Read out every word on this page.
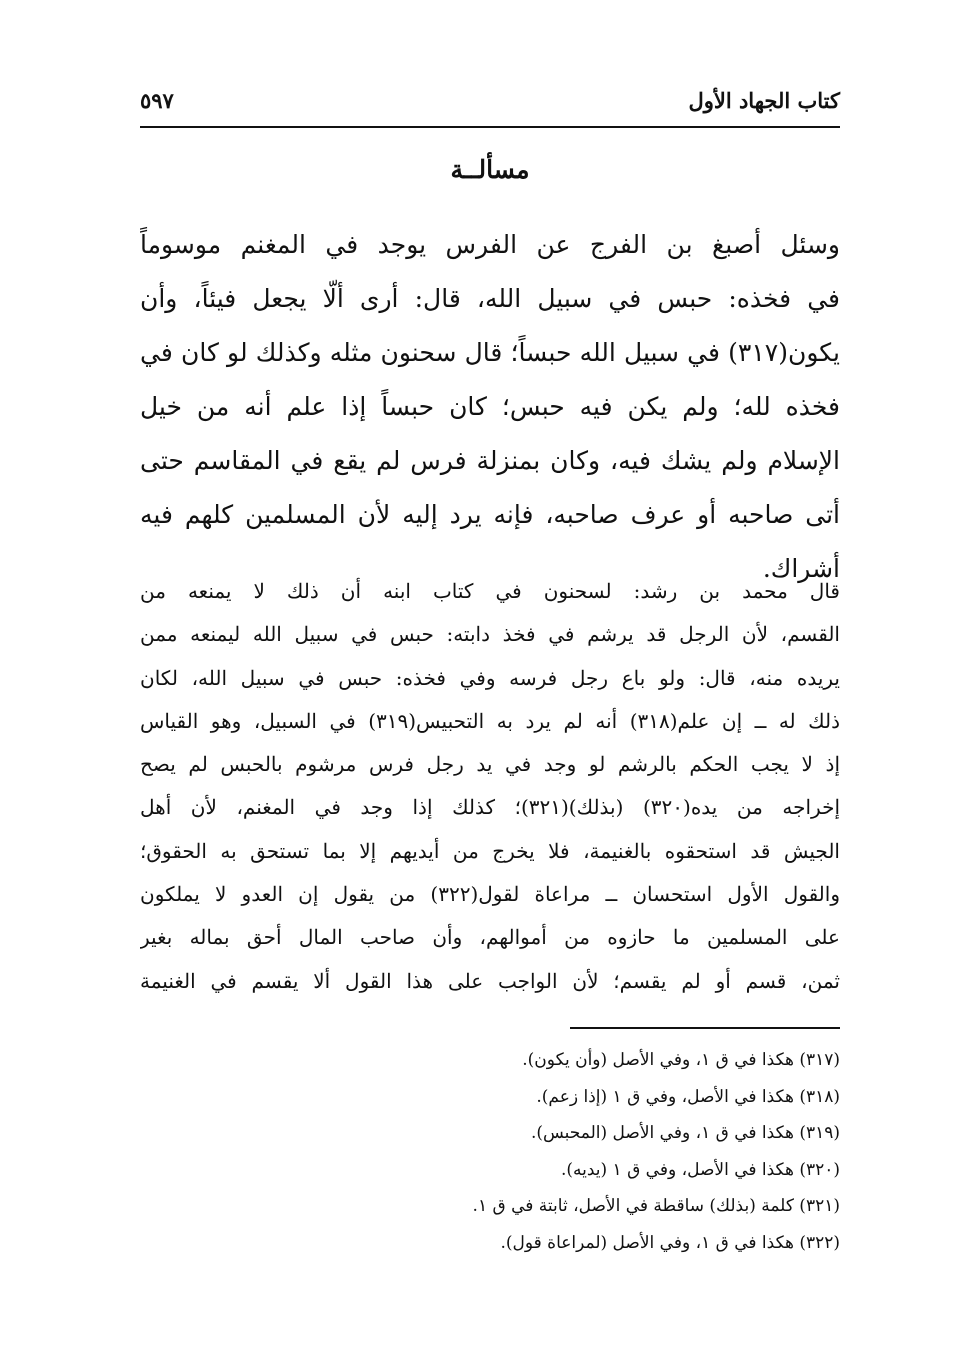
كتاب الجهاد الأول
٥٩٧
مسألــة
وسئل أصبغ بن الفرج عن الفرس يوجد في المغنم موسوماً
في فخذه: حبس في سبيل الله، قال: أرى ألّا يجعل فيئاً، وأن
يكون(٣١٧) في سبيل الله حبساً؛ قال سحنون مثله وكذلك لو كان في
فخذه لله؛ ولم يكن فيه حبس؛ كان حبساً إذا علم أنه من خيل
الإسلام ولم يشك فيه، وكان بمنزلة فرس لم يقع في المقاسم حتى
أتى صاحبه أو عرف صاحبه، فإنه يرد إليه لأن المسلمين كلهم فيه
أشراك.
قال محمد بن رشد: لسحنون في كتاب ابنه أن ذلك لا يمنعه من
القسم، لأن الرجل قد يرشم في فخذ دابته: حبس في سبيل الله ليمنعه ممن
يريده منه، قال: ولو باع رجل فرسه وفي فخذه: حبس في سبيل الله، لكان
ذلك له ــ إن علم(٣١٨) أنه لم يرد به التحبيس(٣١٩) في السبيل، وهو القياس
إذ لا يجب الحكم بالرشم لو وجد في يد رجل فرس مرشوم بالحبس لم يصح
إخراجه من يده(٣٢٠) (بذلك)(٣٢١)؛ كذلك إذا وجد في المغنم، لأن أهل
الجيش قد استحقوه بالغنيمة، فلا يخرج من أيديهم إلا بما تستحق به الحقوق؛
والقول الأول استحسان ــ مراعاة لقول(٣٢٢) من يقول إن العدو لا يملكون
على المسلمين ما حازوه من أموالهم، وأن صاحب المال أحق بماله بغير
ثمن، قسم أو لم يقسم؛ لأن الواجب على هذا القول ألا يقسم في الغنيمة
(٣١٧) هكذا في ق ١، وفي الأصل (وأن يكون).
(٣١٨) هكذا في الأصل، وفي ق ١ (إذا زعم).
(٣١٩) هكذا في ق ١، وفي الأصل (المحبس).
(٣٢٠) هكذا في الأصل، وفي ق ١ (يديه).
(٣٢١) كلمة (بذلك) ساقطة في الأصل، ثابتة في ق ١.
(٣٢٢) هكذا في ق ١، وفي الأصل (لمراعاة قول).
